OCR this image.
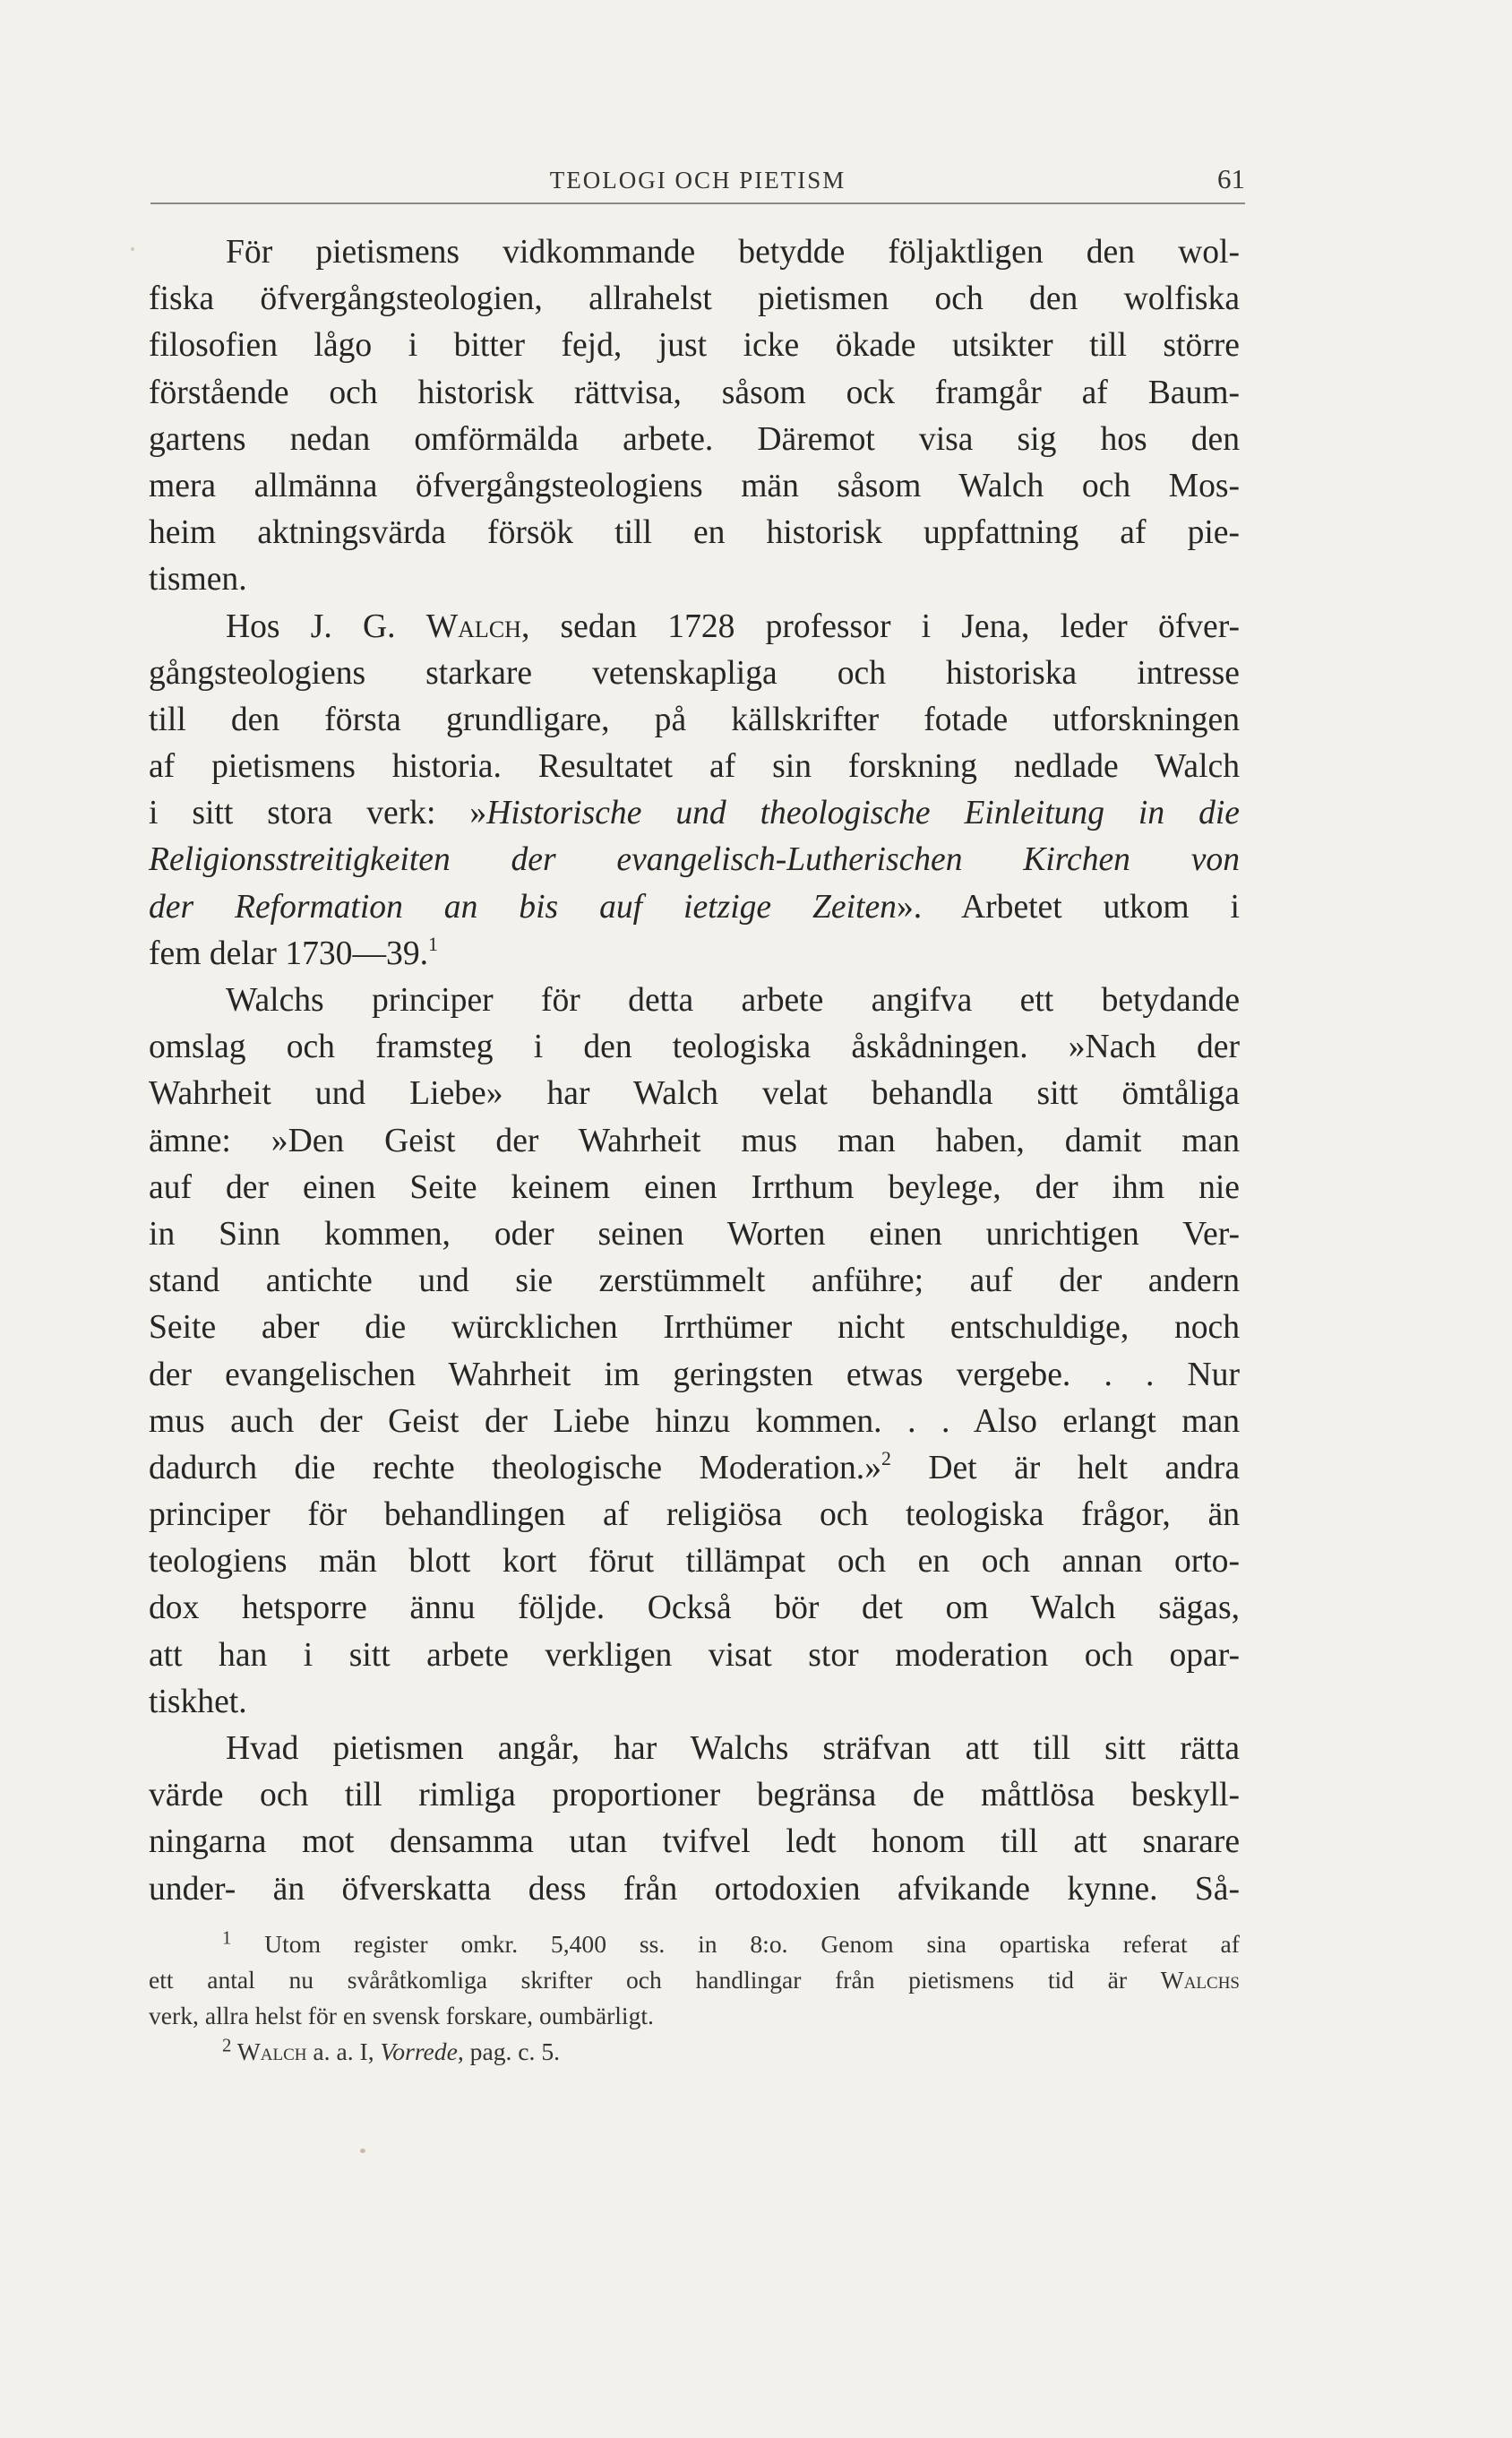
TEOLOGI OCH PIETISM	61
För pietismens vidkommande betydde följaktligen den wol-
fiska öfvergångsteologien, allrahelst pietismen och den wolfiska
filosofien lågo i bitter fejd, just icke ökade utsikter till större
förstående och historisk rättvisa, såsom ock framgår af Baum-
gartens nedan omförmälda arbete. Däremot visa sig hos den
mera allmänna öfvergångsteologiens män såsom Walch och Mos-
heim aktningsvärda försök till en historisk uppfattning af pie-
tismen.
Hos J. G. Walch, sedan 1728 professor i Jena, leder öfver-
gångsteologiens starkare vetenskapliga och historiska intresse
till den första grundligare, på källskrifter fotade utforskningen
af pietismens historia. Resultatet af sin forskning nedlade Walch
i sitt stora verk: »Historische und theologische Einleitung in die
Religionsstreitigkeiten der evangelisch-Lutherischen Kirchen von
der Reformation an bis auf ietzige Zeiten». Arbetet utkom i
fem delar 1730—39.$^1$
Walchs principer för detta arbete angifva ett betydande
omslag och framsteg i den teologiska åskådningen. »Nach der
Wahrheit und Liebe» har Walch velat behandla sitt ömtåliga
ämne: »Den Geist der Wahrheit mus man haben, damit man
auf der einen Seite keinem einen Irrthum beylege, der ihm nie
in Sinn kommen, oder seinen Worten einen unrichtigen Ver-
stand antichte und sie zerstümmelt anführe; auf der andern
Seite aber die würcklichen Irrthümer nicht entschuldige, noch
der evangelischen Wahrheit im geringsten etwas vergebe. . . Nur
mus auch der Geist der Liebe hinzu kommen. . . Also erlangt man
dadurch die rechte theologische Moderation.»$^2$ Det är helt andra
principer för behandlingen af religiösa och teologiska frågor, än
teologiens män blott kort förut tillämpat och en och annan orto-
dox hetsporre ännu följde. Också bör det om Walch sägas,
att han i sitt arbete verkligen visat stor moderation och opar-
tiskhet.
Hvad pietismen angår, har Walchs sträfvan att till sitt rätta
värde och till rimliga proportioner begränsa de måttlösa beskyll-
ningarna mot densamma utan tvifvel ledt honom till att snarare
under- än öfverskatta dess från ortodoxien afvikande kynne. Så-
$^1$ Utom register omkr. 5,400 ss. in 8:o. Genom sina opartiska referat af
ett antal nu svåråtkomliga skrifter och handlingar från pietismens tid är Walchs
verk, allra helst för en svensk forskare, oumbärligt.
$^2$ Walch a. a. I, Vorrede, pag. c. 5.
